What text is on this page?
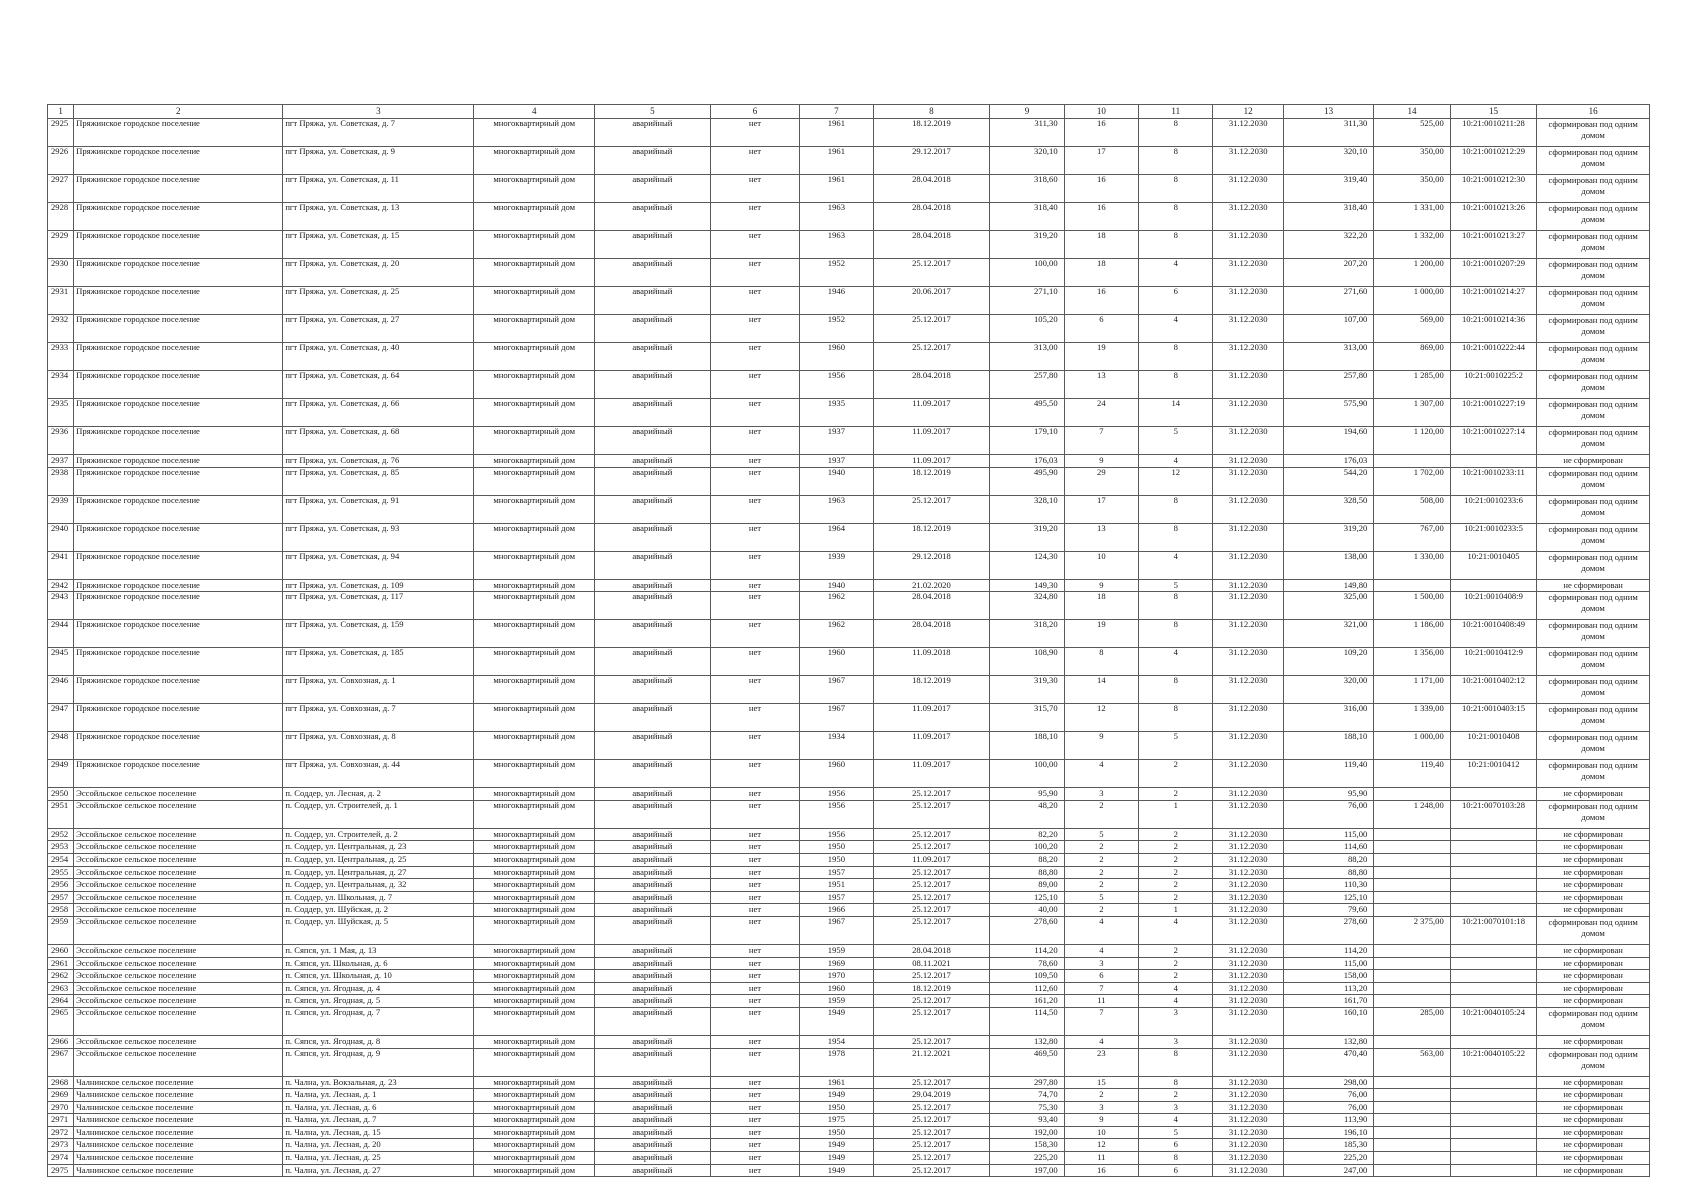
1	2	3	4	5	6	7	8	9	10	11	12	13	14	15	16
2925	Пряжинское городское поселение	пгт Пряжа, ул. Советская, д. 7	многоквартирный дом	аварийный	нет	1961	18.12.2019	311,30	16	8	31.12.2030	311,30	525,00	10:21:0010211:28	сформирован под одним домом
2926	Пряжинское городское поселение	пгт Пряжа, ул. Советская, д. 9	многоквартирный дом	аварийный	нет	1961	29.12.2017	320,10	17	8	31.12.2030	320,10	350,00	10:21:0010212:29	сформирован под одним домом
2927	Пряжинское городское поселение	пгт Пряжа, ул. Советская, д. 11	многоквартирный дом	аварийный	нет	1961	28.04.2018	318,60	16	8	31.12.2030	319,40	350,00	10:21:0010212:30	сформирован под одним домом
2928	Пряжинское городское поселение	пгт Пряжа, ул. Советская, д. 13	многоквартирный дом	аварийный	нет	1963	28.04.2018	318,40	16	8	31.12.2030	318,40	1 331,00	10:21:0010213:26	сформирован под одним домом
2929	Пряжинское городское поселение	пгт Пряжа, ул. Советская, д. 15	многоквартирный дом	аварийный	нет	1963	28.04.2018	319,20	18	8	31.12.2030	322,20	1 332,00	10:21:0010213:27	сформирован под одним домом
2930	Пряжинское городское поселение	пгт Пряжа, ул. Советская, д. 20	многоквартирный дом	аварийный	нет	1952	25.12.2017	100,00	18	4	31.12.2030	207,20	1 200,00	10:21:0010207:29	сформирован под одним домом
2931	Пряжинское городское поселение	пгт Пряжа, ул. Советская, д. 25	многоквартирный дом	аварийный	нет	1946	20.06.2017	271,10	16	6	31.12.2030	271,60	1 000,00	10:21:0010214:27	сформирован под одним домом
2932	Пряжинское городское поселение	пгт Пряжа, ул. Советская, д. 27	многоквартирный дом	аварийный	нет	1952	25.12.2017	105,20	6	4	31.12.2030	107,00	569,00	10:21:0010214:36	сформирован под одним домом
2933	Пряжинское городское поселение	пгт Пряжа, ул. Советская, д. 40	многоквартирный дом	аварийный	нет	1960	25.12.2017	313,00	19	8	31.12.2030	313,00	869,00	10:21:0010222:44	сформирован под одним домом
2934	Пряжинское городское поселение	пгт Пряжа, ул. Советская, д. 64	многоквартирный дом	аварийный	нет	1956	28.04.2018	257,80	13	8	31.12.2030	257,80	1 285,00	10:21:0010225:2	сформирован под одним домом
2935	Пряжинское городское поселение	пгт Пряжа, ул. Советская, д. 66	многоквартирный дом	аварийный	нет	1935	11.09.2017	495,50	24	14	31.12.2030	575,90	1 307,00	10:21:0010227:19	сформирован под одним домом
2936	Пряжинское городское поселение	пгт Пряжа, ул. Советская, д. 68	многоквартирный дом	аварийный	нет	1937	11.09.2017	179,10	7	5	31.12.2030	194,60	1 120,00	10:21:0010227:14	сформирован под одним домом
2937	Пряжинское городское поселение	пгт Пряжа, ул. Советская, д. 76	многоквартирный дом	аварийный	нет	1937	11.09.2017	176,03	9	4	31.12.2030	176,03			не сформирован
2938	Пряжинское городское поселение	пгт Пряжа, ул. Советская, д. 85	многоквартирный дом	аварийный	нет	1940	18.12.2019	495,90	29	12	31.12.2030	544,20	1 702,00	10:21:0010233:11	сформирован под одним домом
2939	Пряжинское городское поселение	пгт Пряжа, ул. Советская, д. 91	многоквартирный дом	аварийный	нет	1963	25.12.2017	328,10	17	8	31.12.2030	328,50	508,00	10:21:0010233:6	сформирован под одним домом
2940	Пряжинское городское поселение	пгт Пряжа, ул. Советская, д. 93	многоквартирный дом	аварийный	нет	1964	18.12.2019	319,20	13	8	31.12.2030	319,20	767,00	10:21:0010233:5	сформирован под одним домом
2941	Пряжинское городское поселение	пгт Пряжа, ул. Советская, д. 94	многоквартирный дом	аварийный	нет	1939	29.12.2018	124,30	10	4	31.12.2030	138,00	1 330,00	10:21:0010405	сформирован под одним домом
2942	Пряжинское городское поселение	пгт Пряжа, ул. Советская, д. 109	многоквартирный дом	аварийный	нет	1940	21.02.2020	149,30	9	5	31.12.2030	149,80			не сформирован
2943	Пряжинское городское поселение	пгт Пряжа, ул. Советская, д. 117	многоквартирный дом	аварийный	нет	1962	28.04.2018	324,80	18	8	31.12.2030	325,00	1 500,00	10:21:0010408:9	сформирован под одним домом
2944	Пряжинское городское поселение	пгт Пряжа, ул. Советская, д. 159	многоквартирный дом	аварийный	нет	1962	28.04.2018	318,20	19	8	31.12.2030	321,00	1 186,00	10:21:0010408:49	сформирован под одним домом
2945	Пряжинское городское поселение	пгт Пряжа, ул. Советская, д. 185	многоквартирный дом	аварийный	нет	1960	11.09.2018	108,90	8	4	31.12.2030	109,20	1 356,00	10:21:0010412:9	сформирован под одним домом
2946	Пряжинское городское поселение	пгт Пряжа, ул. Совхозная, д. 1	многоквартирный дом	аварийный	нет	1967	18.12.2019	319,30	14	8	31.12.2030	320,00	1 171,00	10:21:0010402:12	сформирован под одним домом
2947	Пряжинское городское поселение	пгт Пряжа, ул. Совхозная, д. 7	многоквартирный дом	аварийный	нет	1967	11.09.2017	315,70	12	8	31.12.2030	316,00	1 339,00	10:21:0010403:15	сформирован под одним домом
2948	Пряжинское городское поселение	пгт Пряжа, ул. Совхозная, д. 8	многоквартирный дом	аварийный	нет	1934	11.09.2017	188,10	9	5	31.12.2030	188,10	1 000,00	10:21:0010408	сформирован под одним домом
2949	Пряжинское городское поселение	пгт Пряжа, ул. Совхозная, д. 44	многоквартирный дом	аварийный	нет	1960	11.09.2017	100,00	4	2	31.12.2030	119,40	119,40	10:21:0010412	сформирован под одним домом
2950	Эссойльское сельское поселение	п. Соддер, ул. Лесная, д. 2	многоквартирный дом	аварийный	нет	1956	25.12.2017	95,90	3	2	31.12.2030	95,90			не сформирован
2951	Эссойльское сельское поселение	п. Соддер, ул. Строителей, д. 1	многоквартирный дом	аварийный	нет	1956	25.12.2017	48,20	2	1	31.12.2030	76,00	1 248,00	10:21:0070103:28	сформирован под одним домом
2952	Эссойльское сельское поселение	п. Соддер, ул. Строителей, д. 2	многоквартирный дом	аварийный	нет	1956	25.12.2017	82,20	5	2	31.12.2030	115,00			не сформирован
2953	Эссойльское сельское поселение	п. Соддер, ул. Центральная, д. 23	многоквартирный дом	аварийный	нет	1950	25.12.2017	100,20	2	2	31.12.2030	114,60			не сформирован
2954	Эссойльское сельское поселение	п. Соддер, ул. Центральная, д. 25	многоквартирный дом	аварийный	нет	1950	11.09.2017	88,20	2	2	31.12.2030	88,20			не сформирован
2955	Эссойльское сельское поселение	п. Соддер, ул. Центральная, д. 27	многоквартирный дом	аварийный	нет	1957	25.12.2017	88,80	2	2	31.12.2030	88,80			не сформирован
2956	Эссойльское сельское поселение	п. Соддер, ул. Центральная, д. 32	многоквартирный дом	аварийный	нет	1951	25.12.2017	89,00	2	2	31.12.2030	110,30			не сформирован
2957	Эссойльское сельское поселение	п. Соддер, ул. Школьная, д. 7	многоквартирный дом	аварийный	нет	1957	25.12.2017	125,10	5	2	31.12.2030	125,10			не сформирован
2958	Эссойльское сельское поселение	п. Соддер, ул. Шуйская, д. 2	многоквартирный дом	аварийный	нет	1966	25.12.2017	40,00	2	1	31.12.2030	79,60			не сформирован
2959	Эссойльское сельское поселение	п. Соддер, ул. Шуйская, д. 5	многоквартирный дом	аварийный	нет	1967	25.12.2017	278,60	4	4	31.12.2030	278,60	2 375,00	10:21:0070101:18	сформирован под одним домом
2960	Эссойльское сельское поселение	п. Сяпся, ул. 1 Мая, д. 13	многоквартирный дом	аварийный	нет	1959	28.04.2018	114,20	4	2	31.12.2030	114,20			не сформирован
2961	Эссойльское сельское поселение	п. Сяпся, ул. Школьная, д. 6	многоквартирный дом	аварийный	нет	1969	08.11.2021	78,60	3	2	31.12.2030	115,00			не сформирован
2962	Эссойльское сельское поселение	п. Сяпся, ул. Школьная, д. 10	многоквартирный дом	аварийный	нет	1970	25.12.2017	109,50	6	2	31.12.2030	158,00			не сформирован
2963	Эссойльское сельское поселение	п. Сяпся, ул. Ягодная, д. 4	многоквартирный дом	аварийный	нет	1960	18.12.2019	112,60	7	4	31.12.2030	113,20			не сформирован
2964	Эссойльское сельское поселение	п. Сяпся, ул. Ягодная, д. 5	многоквартирный дом	аварийный	нет	1959	25.12.2017	161,20	11	4	31.12.2030	161,70			не сформирован
2965	Эссойльское сельское поселение	п. Сяпся, ул. Ягодная, д. 7	многоквартирный дом	аварийный	нет	1949	25.12.2017	114,50	7	3	31.12.2030	160,10	285,00	10:21:0040105:24	сформирован под одним домом
2966	Эссойльское сельское поселение	п. Сяпся, ул. Ягодная, д. 8	многоквартирный дом	аварийный	нет	1954	25.12.2017	132,80	4	3	31.12.2030	132,80			не сформирован
2967	Эссойльское сельское поселение	п. Сяпся, ул. Ягодная, д. 9	многоквартирный дом	аварийный	нет	1978	21.12.2021	469,50	23	8	31.12.2030	470,40	563,00	10:21:0040105:22	сформирован под одним домом
2968	Чалнинское сельское поселение	п. Чална, ул. Вокзальная, д. 23	многоквартирный дом	аварийный	нет	1961	25.12.2017	297,80	15	8	31.12.2030	298,00			не сформирован
2969	Чалнинское сельское поселение	п. Чална, ул. Лесная, д. 1	многоквартирный дом	аварийный	нет	1949	29.04.2019	74,70	2	2	31.12.2030	76,00			не сформирован
2970	Чалнинское сельское поселение	п. Чална, ул. Лесная, д. 6	многоквартирный дом	аварийный	нет	1950	25.12.2017	75,30	3	3	31.12.2030	76,00			не сформирован
2971	Чалнинское сельское поселение	п. Чална, ул. Лесная, д. 7	многоквартирный дом	аварийный	нет	1975	25.12.2017	93,40	9	4	31.12.2030	113,90			не сформирован
2972	Чалнинское сельское поселение	п. Чална, ул. Лесная, д. 15	многоквартирный дом	аварийный	нет	1950	25.12.2017	192,00	10	5	31.12.2030	196,10			не сформирован
2973	Чалнинское сельское поселение	п. Чална, ул. Лесная, д. 20	многоквартирный дом	аварийный	нет	1949	25.12.2017	158,30	12	6	31.12.2030	185,30			не сформирован
2974	Чалнинское сельское поселение	п. Чална, ул. Лесная, д. 25	многоквартирный дом	аварийный	нет	1949	25.12.2017	225,20	11	8	31.12.2030	225,20			не сформирован
2975	Чалнинское сельское поселение	п. Чална, ул. Лесная, д. 27	многоквартирный дом	аварийный	нет	1949	25.12.2017	197,00	16	6	31.12.2030	247,00			не сформирован
